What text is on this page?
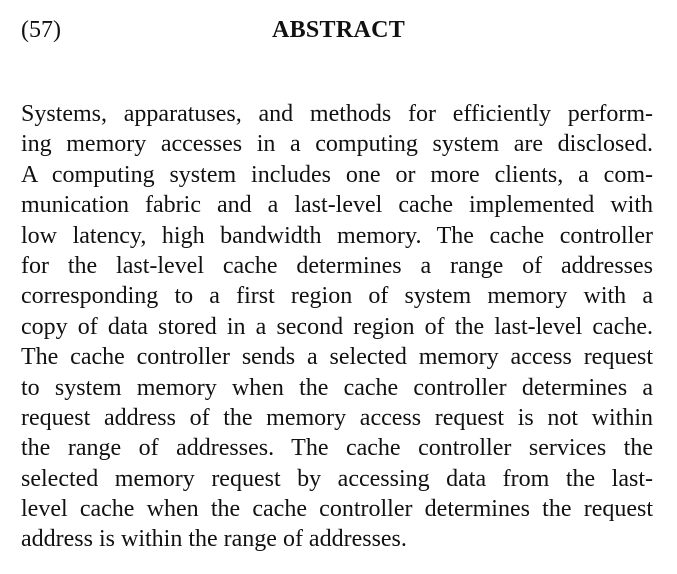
(57)	ABSTRACT
Systems, apparatuses, and methods for efficiently perform-
ing memory accesses in a computing system are disclosed.
A computing system includes one or more clients, a com-
munication fabric and a last-level cache implemented with
low latency, high bandwidth memory. The cache controller
for the last-level cache determines a range of addresses
corresponding to a first region of system memory with a
copy of data stored in a second region of the last-level cache.
The cache controller sends a selected memory access request
to system memory when the cache controller determines a
request address of the memory access request is not within
the range of addresses. The cache controller services the
selected memory request by accessing data from the last-
level cache when the cache controller determines the request
address is within the range of addresses.
